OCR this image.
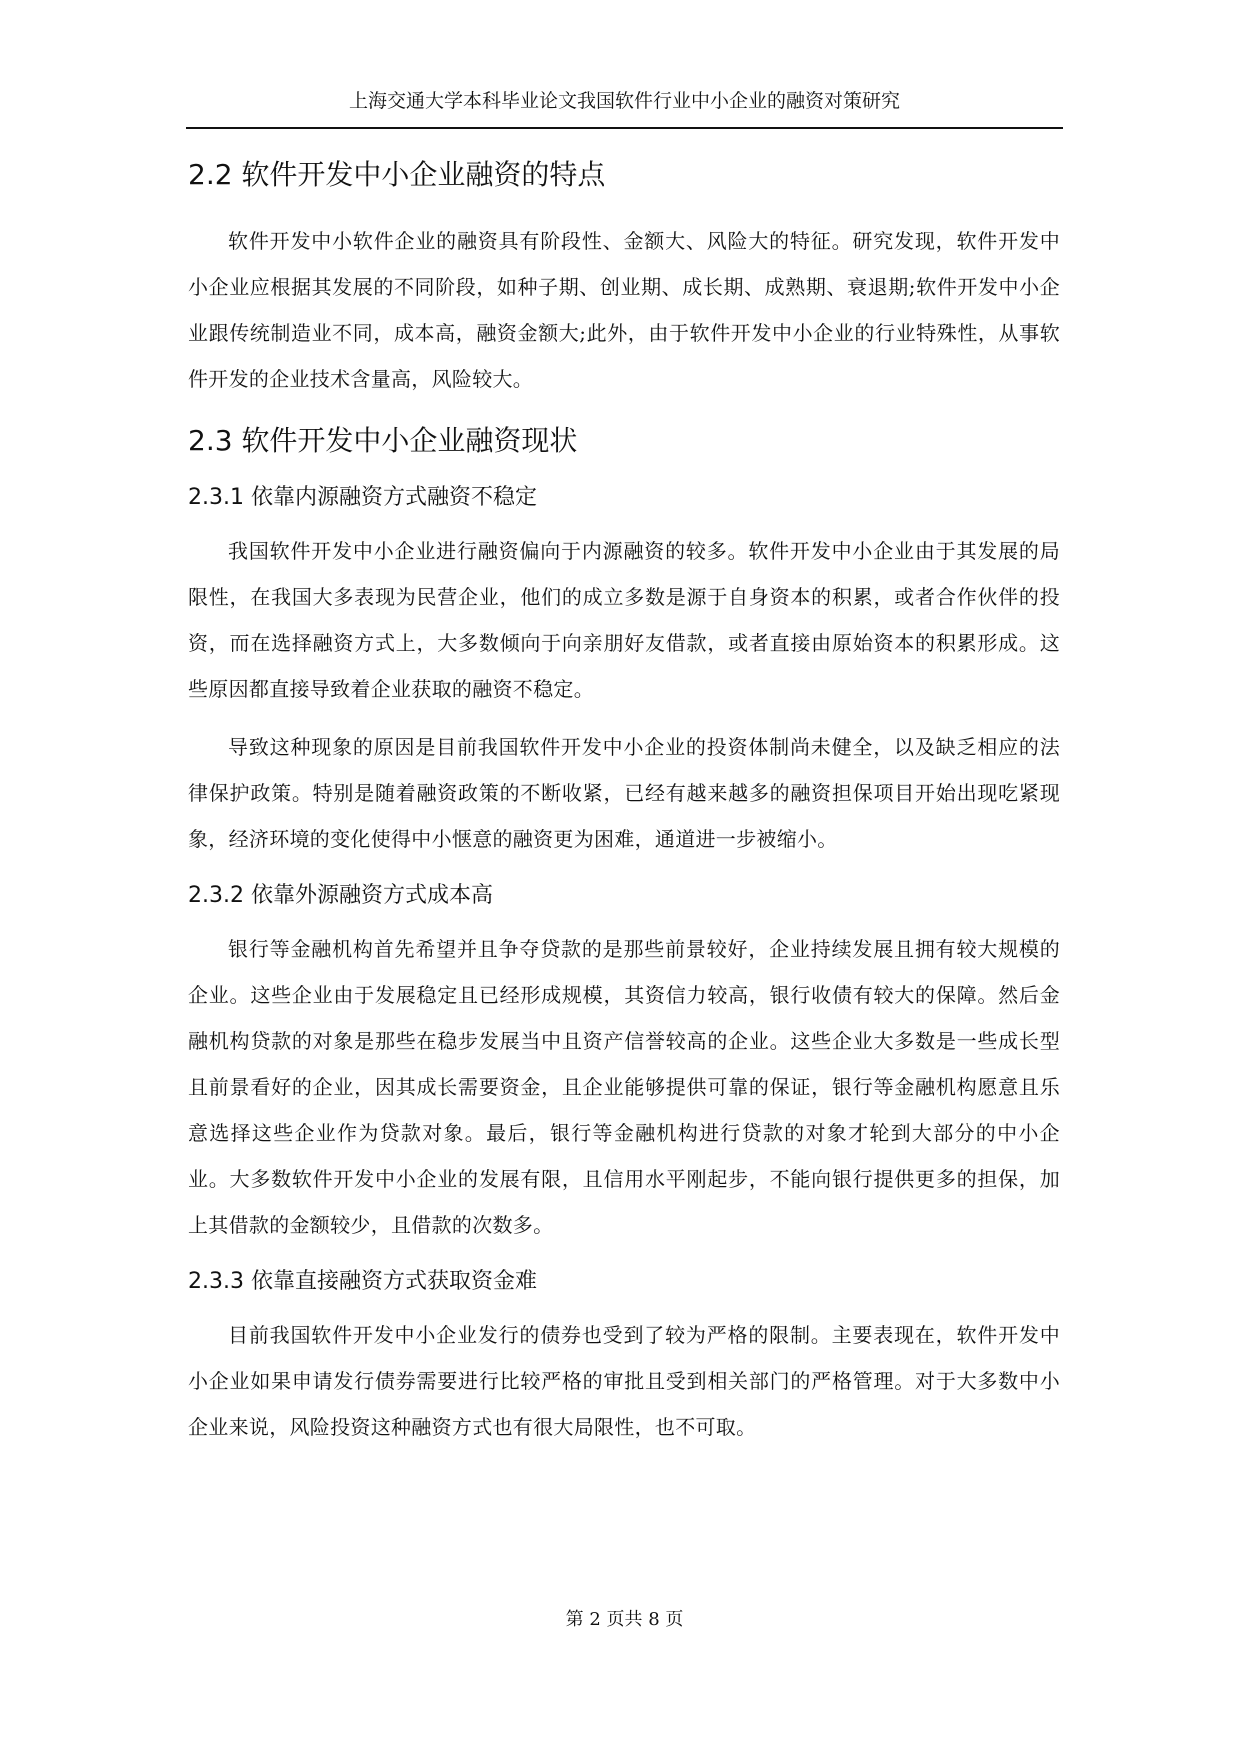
上海交通大学本科毕业论文我国软件行业中小企业的融资对策研究
2.2 软件开发中小企业融资的特点

软件开发中小软件企业的融资具有阶段性、金额大、风险大的特征。研究发现，软件开发中小企业应根据其发展的不同阶段，如种子期、创业期、成长期、成熟期、衰退期;软件开发中小企业跟传统制造业不同，成本高，融资金额大;此外，由于软件开发中小企业的行业特殊性，从事软件开发的企业技术含量高，风险较大。

2.3 软件开发中小企业融资现状
2.3.1 依靠内源融资方式融资不稳定

我国软件开发中小企业进行融资偏向于内源融资的较多。软件开发中小企业由于其发展的局限性，在我国大多表现为民营企业，他们的成立多数是源于自身资本的积累，或者合作伙伴的投资，而在选择融资方式上，大多数倾向于向亲朋好友借款，或者直接由原始资本的积累形成。这些原因都直接导致着企业获取的融资不稳定。

导致这种现象的原因是目前我国软件开发中小企业的投资体制尚未健全，以及缺乏相应的法律保护政策。特别是随着融资政策的不断收紧，已经有越来越多的融资担保项目开始出现吃紧现象，经济环境的变化使得中小惬意的融资更为困难，通道进一步被缩小。

2.3.2 依靠外源融资方式成本高

银行等金融机构首先希望并且争夺贷款的是那些前景较好，企业持续发展且拥有较大规模的企业。这些企业由于发展稳定且已经形成规模，其资信力较高，银行收债有较大的保障。然后金融机构贷款的对象是那些在稳步发展当中且资产信誉较高的企业。这些企业大多数是一些成长型且前景看好的企业，因其成长需要资金，且企业能够提供可靠的保证，银行等金融机构愿意且乐意选择这些企业作为贷款对象。最后，银行等金融机构进行贷款的对象才轮到大部分的中小企业。大多数软件开发中小企业的发展有限，且信用水平刚起步，不能向银行提供更多的担保，加上其借款的金额较少，且借款的次数多。

2.3.3 依靠直接融资方式获取资金难

目前我国软件开发中小企业发行的债券也受到了较为严格的限制。主要表现在，软件开发中小企业如果申请发行债券需要进行比较严格的审批且受到相关部门的严格管理。对于大多数中小企业来说，风险投资这种融资方式也有很大局限性，也不可取。

第 2 页共 8 页
